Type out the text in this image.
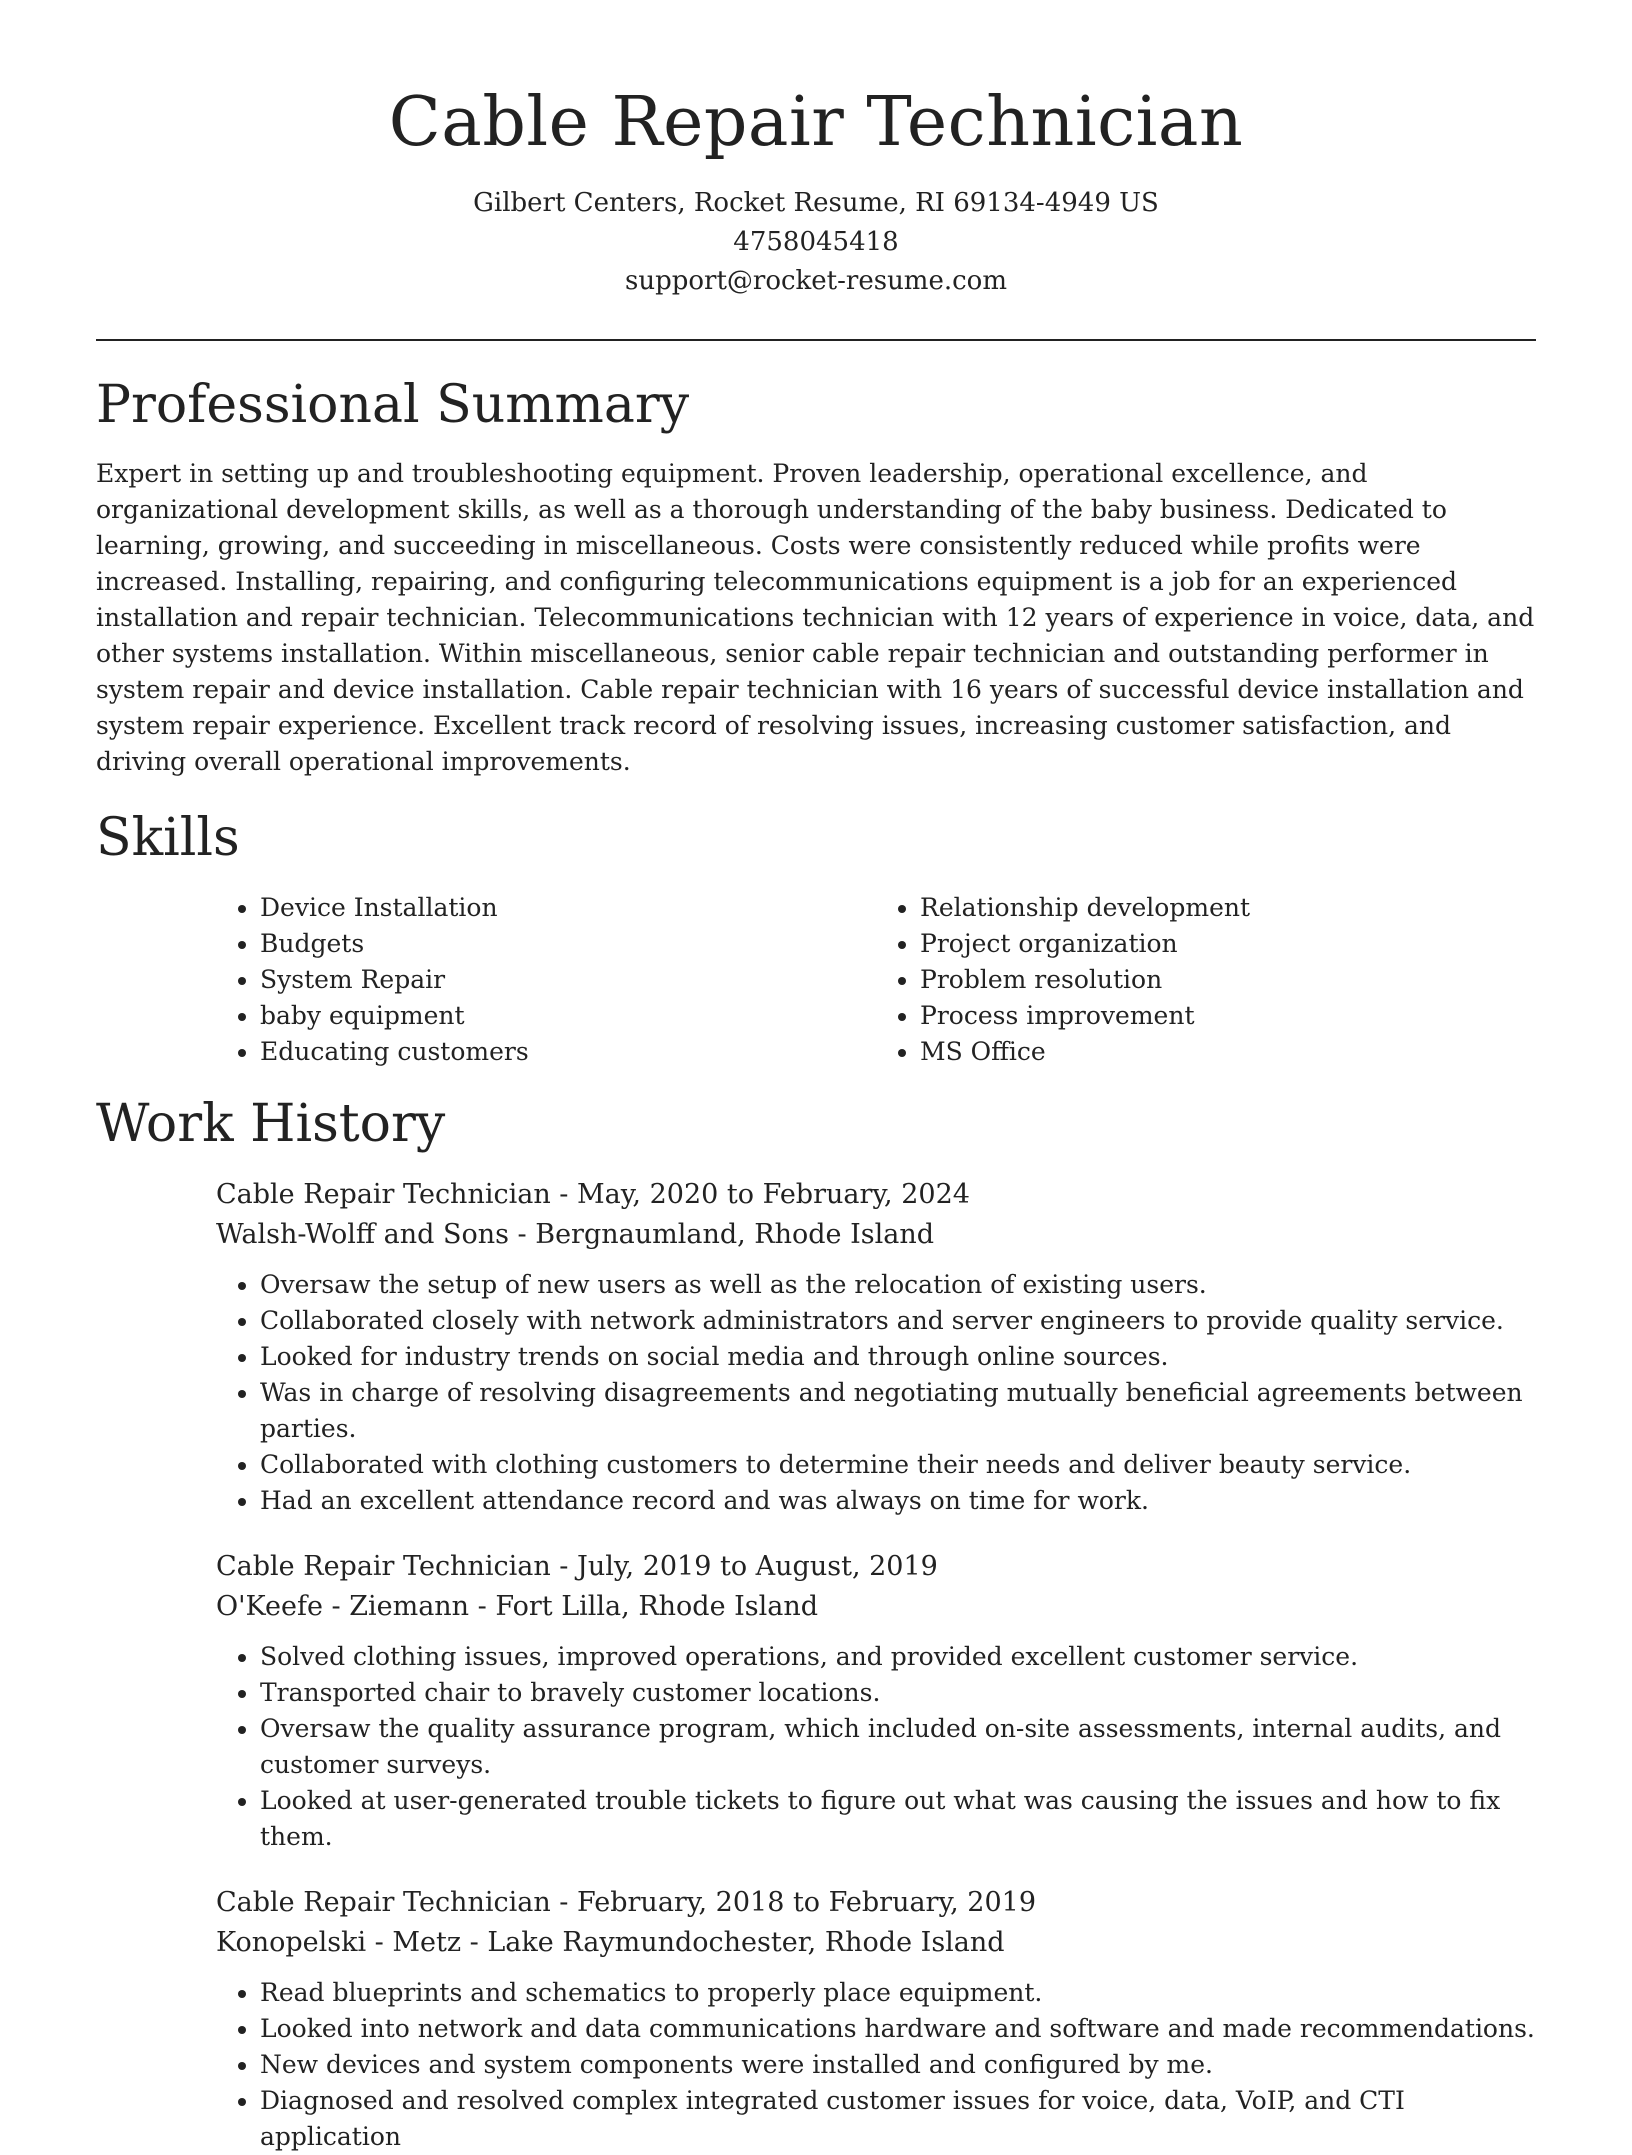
Cable Repair Technician
Gilbert Centers, Rocket Resume, RI 69134-4949 US
4758045418
support@rocket-resume.com
Professional Summary

Expert in setting up and troubleshooting equipment. Proven leadership, operational excellence, and organizational development skills, as well as a thorough understanding of the baby business. Dedicated to learning, growing, and succeeding in miscellaneous. Costs were consistently reduced while profits were increased. Installing, repairing, and configuring telecommunications equipment is a job for an experienced installation and repair technician. Telecommunications technician with 12 years of experience in voice, data, and other systems installation. Within miscellaneous, senior cable repair technician and outstanding performer in system repair and device installation. Cable repair technician with 16 years of successful device installation and system repair experience. Excellent track record of resolving issues, increasing customer satisfaction, and driving overall operational improvements.

Skills
• Device Installation
• Budgets
• System Repair
• baby equipment
• Educating customers
• Relationship development
• Project organization
• Problem resolution
• Process improvement
• MS Office
Work History
Cable Repair Technician - May, 2020 to February, 2024
Walsh-Wolff and Sons - Bergnaumland, Rhode Island
• Oversaw the setup of new users as well as the relocation of existing users.
• Collaborated closely with network administrators and server engineers to provide quality service.
• Looked for industry trends on social media and through online sources.
• Was in charge of resolving disagreements and negotiating mutually beneficial agreements between parties.
• Collaborated with clothing customers to determine their needs and deliver beauty service.
• Had an excellent attendance record and was always on time for work.
Cable Repair Technician - July, 2019 to August, 2019
O'Keefe - Ziemann - Fort Lilla, Rhode Island
• Solved clothing issues, improved operations, and provided excellent customer service.
• Transported chair to bravely customer locations.
• Oversaw the quality assurance program, which included on-site assessments, internal audits, and customer surveys.
• Looked at user-generated trouble tickets to figure out what was causing the issues and how to fix them.
Cable Repair Technician - February, 2018 to February, 2019
Konopelski - Metz - Lake Raymundochester, Rhode Island
• Read blueprints and schematics to properly place equipment.
• Looked into network and data communications hardware and software and made recommendations.
• New devices and system components were installed and configured by me.
• Diagnosed and resolved complex integrated customer issues for voice, data, VoIP, and CTI application
